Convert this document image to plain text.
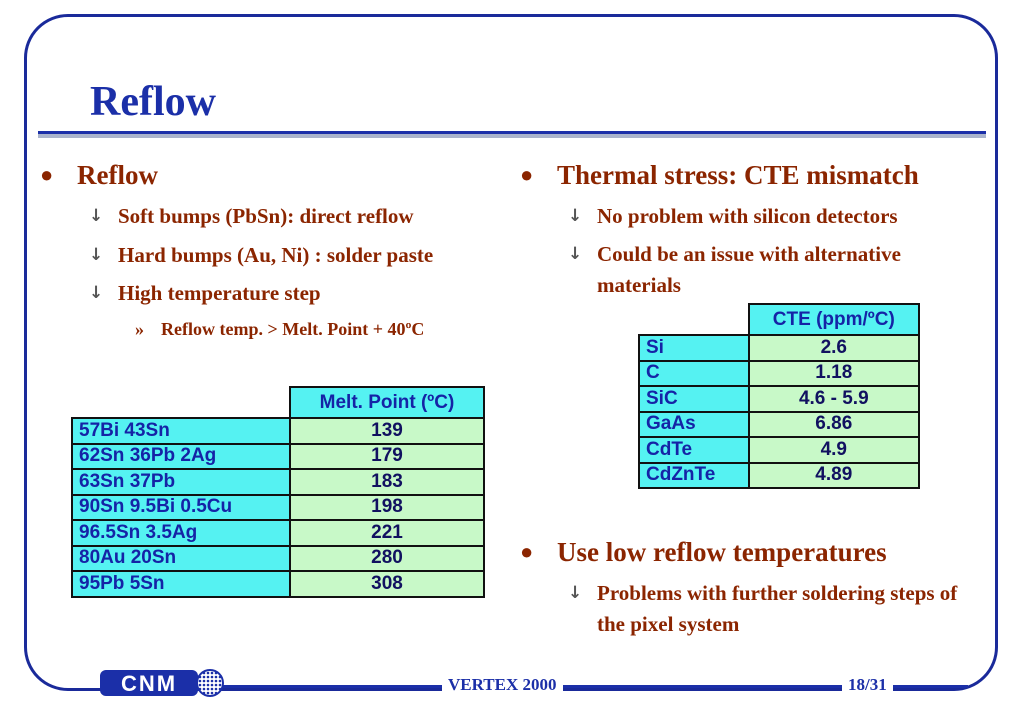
Reflow
● Reflow
↓ Soft bumps (PbSn): direct reflow
↓ Hard bumps (Au, Ni) : solder paste
↓ High temperature step
» Reflow temp. > Melt. Point + 40ºC
	Melt. Point (ºC)
57Bi 43Sn	139
62Sn 36Pb 2Ag	179
63Sn 37Pb	183
90Sn 9.5Bi 0.5Cu	198
96.5Sn 3.5Ag	221
80Au 20Sn	280
95Pb 5Sn	308
● Thermal stress: CTE mismatch
↓ No problem with silicon detectors
↓ Could be an issue with alternative materials
	CTE (ppm/ºC)
Si	2.6
C	1.18
SiC	4.6 - 5.9
GaAs	6.86
CdTe	4.9
CdZnTe	4.89
● Use low reflow temperatures
↓ Problems with further soldering steps of the pixel system
CNM	VERTEX 2000	18/31
